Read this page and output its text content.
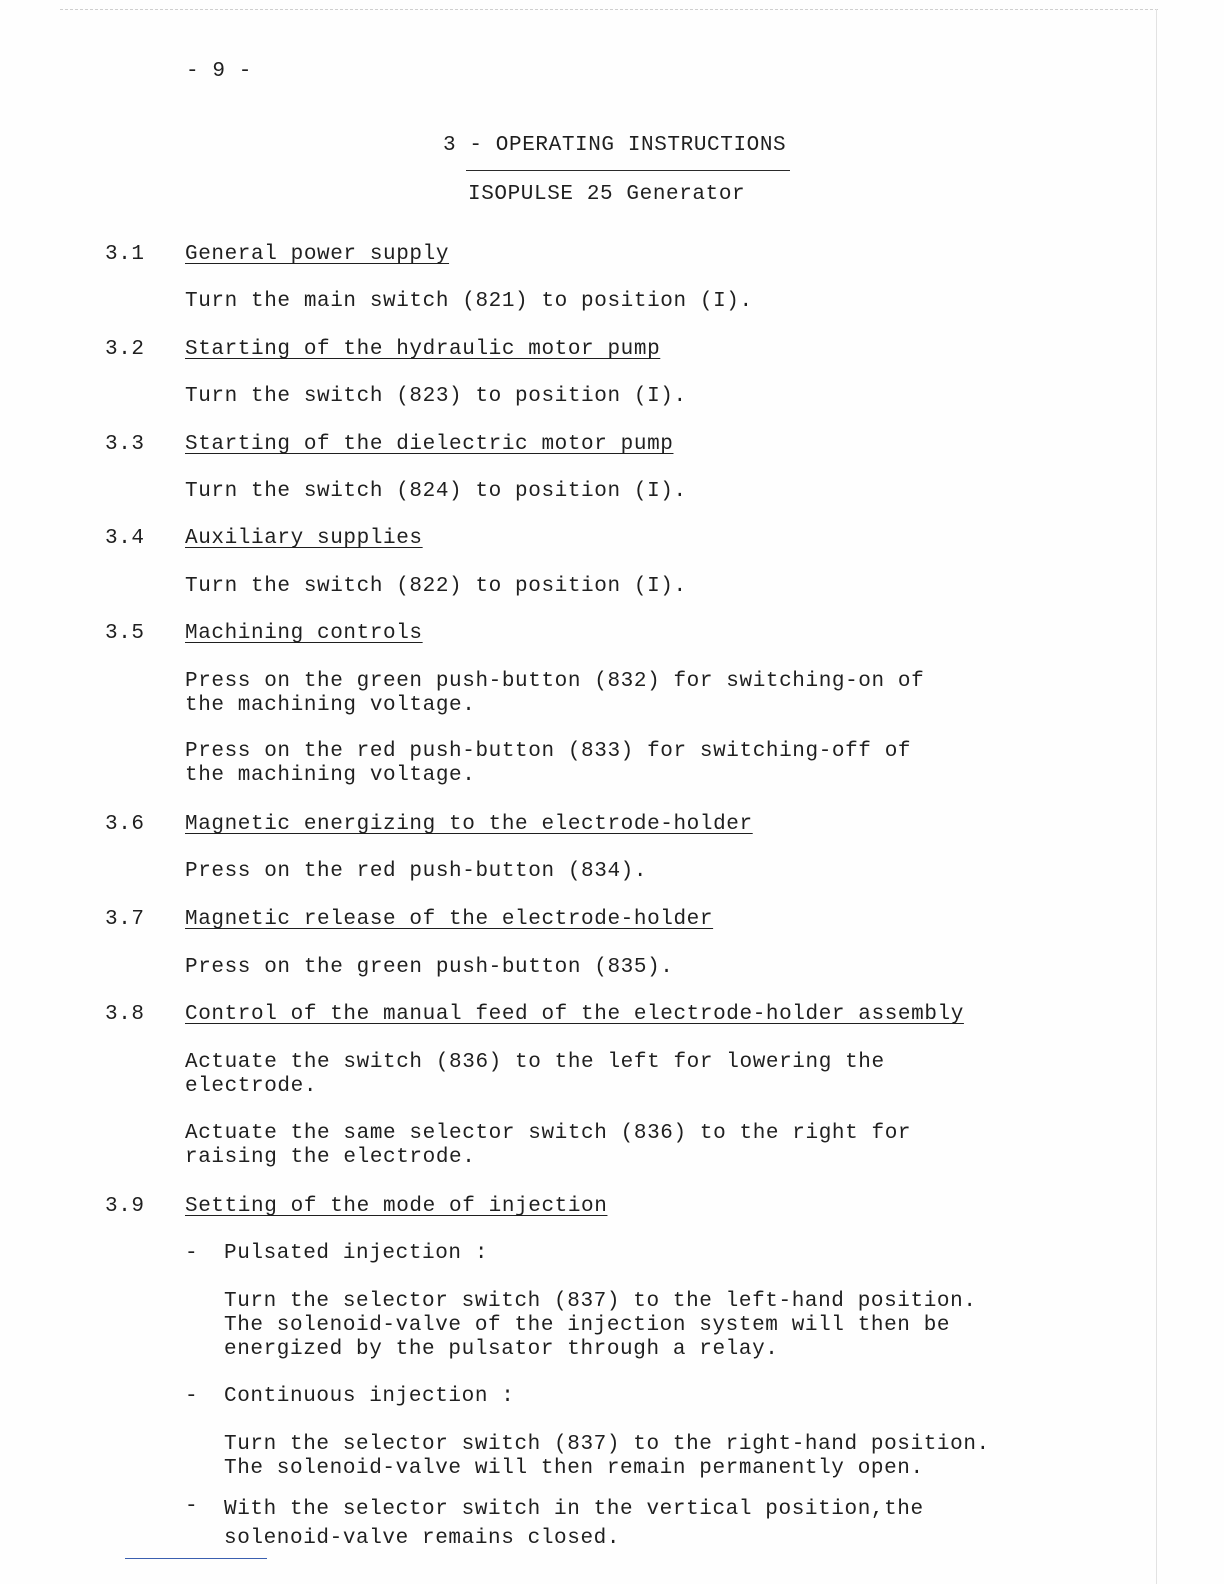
- 9 -
3 - OPERATING INSTRUCTIONS
ISOPULSE 25 Generator
3.1 General power supply
Turn the main switch (821) to position (I).
3.2 Starting of the hydraulic motor pump
Turn the switch (823) to position (I).
3.3 Starting of the dielectric motor pump
Turn the switch (824) to position (I).
3.4 Auxiliary supplies
Turn the switch (822) to position (I).
3.5 Machining controls
Press on the green push-button (832) for switching-on of
the machining voltage.
Press on the red push-button (833) for switching-off of
the machining voltage.
3.6 Magnetic energizing to the electrode-holder
Press on the red push-button (834).
3.7 Magnetic release of the electrode-holder
Press on the green push-button (835).
3.8 Control of the manual feed of the electrode-holder assembly
Actuate the switch (836) to the left for lowering the
electrode.
Actuate the same selector switch (836) to the right for
raising the electrode.
3.9 Setting of the mode of injection
- Pulsated injection :
Turn the selector switch (837) to the left-hand position.
The solenoid-valve of the injection system will then be
energized by the pulsator through a relay.
- Continuous injection :
Turn the selector switch (837) to the right-hand position.
The solenoid-valve will then remain permanently open.
- With the selector switch in the vertical position,the
solenoid-valve remains closed.
